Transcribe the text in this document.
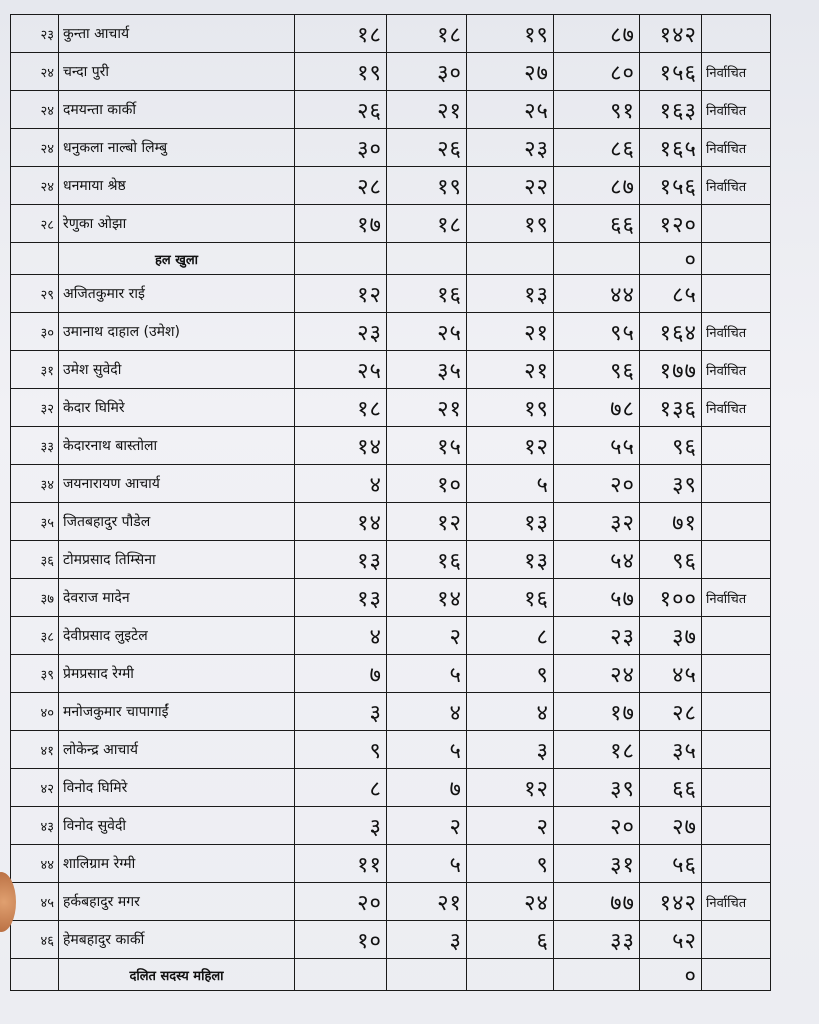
२३	कुन्ता आचार्य	१८	१८	१९	८७	१४२	
२४	चन्दा पुरी	१९	३०	२७	८०	१५६	निर्वाचित
२४	दमयन्ता कार्की	२६	२१	२५	९१	१६३	निर्वाचित
२४	धनुकला नाल्बो लिम्बु	३०	२६	२३	८६	१६५	निर्वाचित
२४	धनमाया श्रेष्ठ	२८	१९	२२	८७	१५६	निर्वाचित
२८	रेणुका ओझा	१७	१८	१९	६६	१२०	
	हल खुला					०	
२९	अजितकुमार राई	१२	१६	१३	४४	८५	
३०	उमानाथ दाहाल (उमेश)	२३	२५	२१	९५	१६४	निर्वाचित
३१	उमेश सुवेदी	२५	३५	२१	९६	१७७	निर्वाचित
३२	केदार घिमिरे	१८	२१	१९	७८	१३६	निर्वाचित
३३	केदारनाथ बास्तोला	१४	१५	१२	५५	९६	
३४	जयनारायण आचार्य	४	१०	५	२०	३९	
३५	जितबहादुर पौडेल	१४	१२	१३	३२	७१	
३६	टोमप्रसाद तिम्सिना	१३	१६	१३	५४	९६	
३७	देवराज मादेन	१३	१४	१६	५७	१००	निर्वाचित
३८	देवीप्रसाद लुइटेल	४	२	८	२३	३७	
३९	प्रेमप्रसाद रेग्मी	७	५	९	२४	४५	
४०	मनोजकुमार चापागाईं	३	४	४	१७	२८	
४१	लोकेन्द्र आचार्य	९	५	३	१८	३५	
४२	विनोद घिमिरे	८	७	१२	३९	६६	
४३	विनोद सुवेदी	३	२	२	२०	२७	
४४	शालिग्राम रेग्मी	११	५	९	३१	५६	
४५	हर्कबहादुर मगर	२०	२१	२४	७७	१४२	निर्वाचित
४६	हेमबहादुर कार्की	१०	३	६	३३	५२	
	दलित सदस्य महिला					०	
